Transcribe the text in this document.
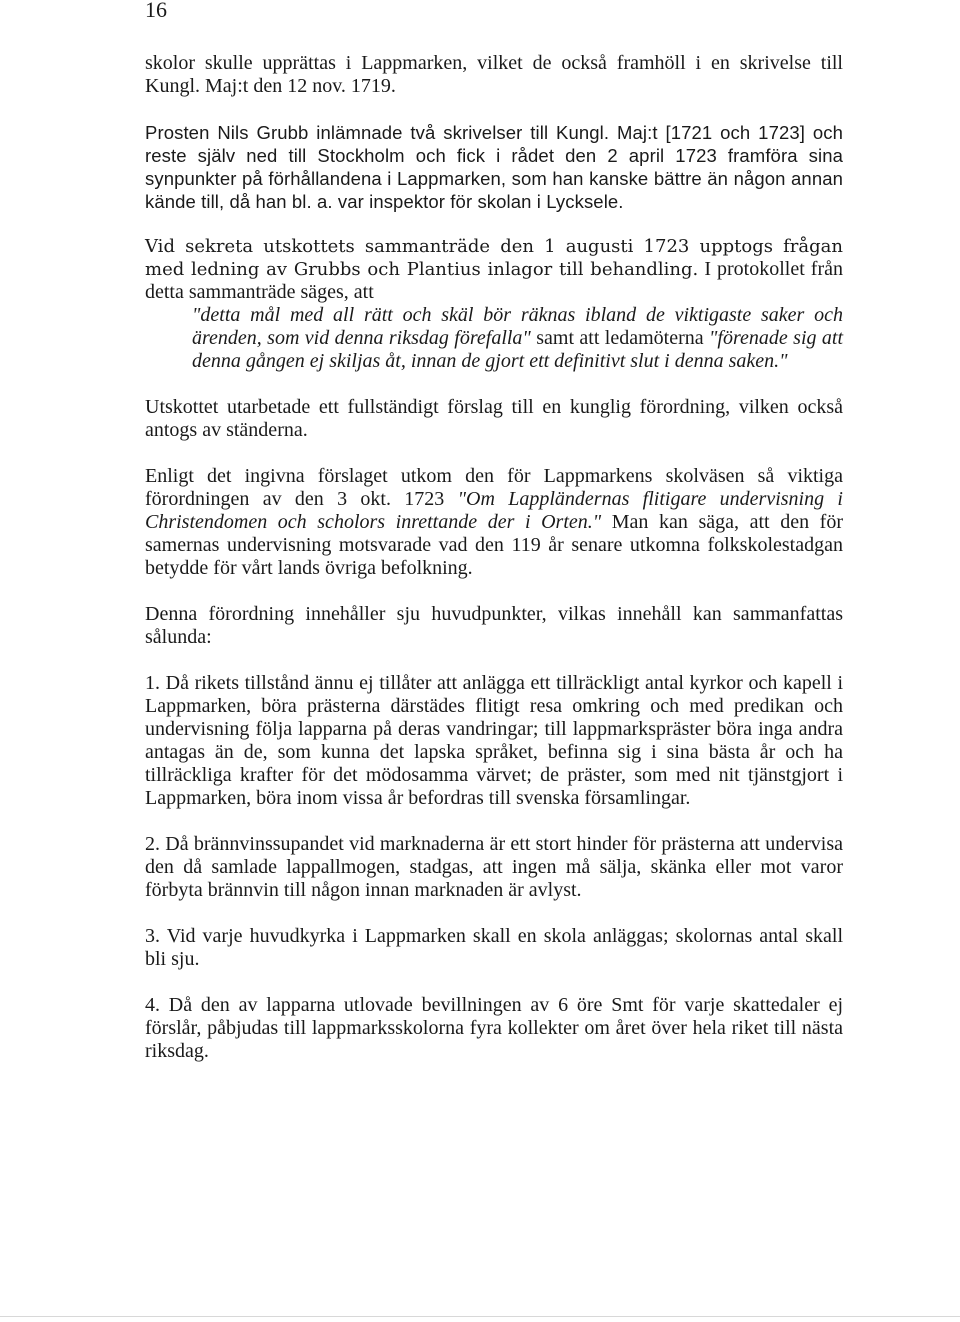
16

skolor skulle upprättas i Lappmarken, vilket de också framhöll i en skrivelse till Kungl. Maj:t den 12 nov. 1719.

Prosten Nils Grubb inlämnade två skrivelser till Kungl. Maj:t [1721 och 1723] och reste själv ned till Stockholm och fick i rådet den 2 april 1723 framföra sina synpunkter på förhållandena i Lappmarken, som han kanske bättre än någon annan kände till, då han bl. a. var inspektor för skolan i Lycksele.

Vid sekreta utskottets sammanträde den 1 augusti 1723 upptogs frågan med ledning av Grubbs och Plantius inlagor till behandling. I protokollet från detta sammanträde säges, att

"detta mål med all rätt och skäl bör räknas ibland de viktigaste saker och ärenden, som vid denna riksdag förefalla" samt att ledamöterna "förenade sig att denna gången ej skiljas åt, innan de gjort ett definitivt slut i denna saken."

Utskottet utarbetade ett fullständigt förslag till en kunglig förordning, vilken också antogs av ständerna.

Enligt det ingivna förslaget utkom den för Lappmarkens skolväsen så viktiga förordningen av den 3 okt. 1723 "Om Lappländernas flitigare undervisning i Christendomen och scholors inrettande der i Orten." Man kan säga, att den för samernas undervisning motsvarade vad den 119 år senare utkomna folkskolestadgan betydde för vårt lands övriga befolkning.

Denna förordning innehåller sju huvudpunkter, vilkas innehåll kan sammanfattas sålunda:

1. Då rikets tillstånd ännu ej tillåter att anlägga ett tillräckligt antal kyrkor och kapell i Lappmarken, böra prästerna därstädes flitigt resa omkring och med predikan och undervisning följa lapparna på deras vandringar; till lappmarkspräster böra inga andra antagas än de, som kunna det lapska språket, befinna sig i sina bästa år och ha tillräckliga krafter för det mödosamma värvet; de präster, som med nit tjänstgjort i Lappmarken, böra inom vissa år befordras till svenska församlingar.

2. Då brännvinssupandet vid marknaderna är ett stort hinder för prästerna att undervisa den då samlade lappallmogen, stadgas, att ingen må sälja, skänka eller mot varor förbyta brännvin till någon innan marknaden är avlyst.

3. Vid varje huvudkyrka i Lappmarken skall en skola anläggas; skolornas antal skall bli sju.

4. Då den av lapparna utlovade bevillningen av 6 öre Smt för varje skattedaler ej förslår, påbjudas till lappmarksskolorna fyra kollekter om året över hela riket till nästa riksdag.
